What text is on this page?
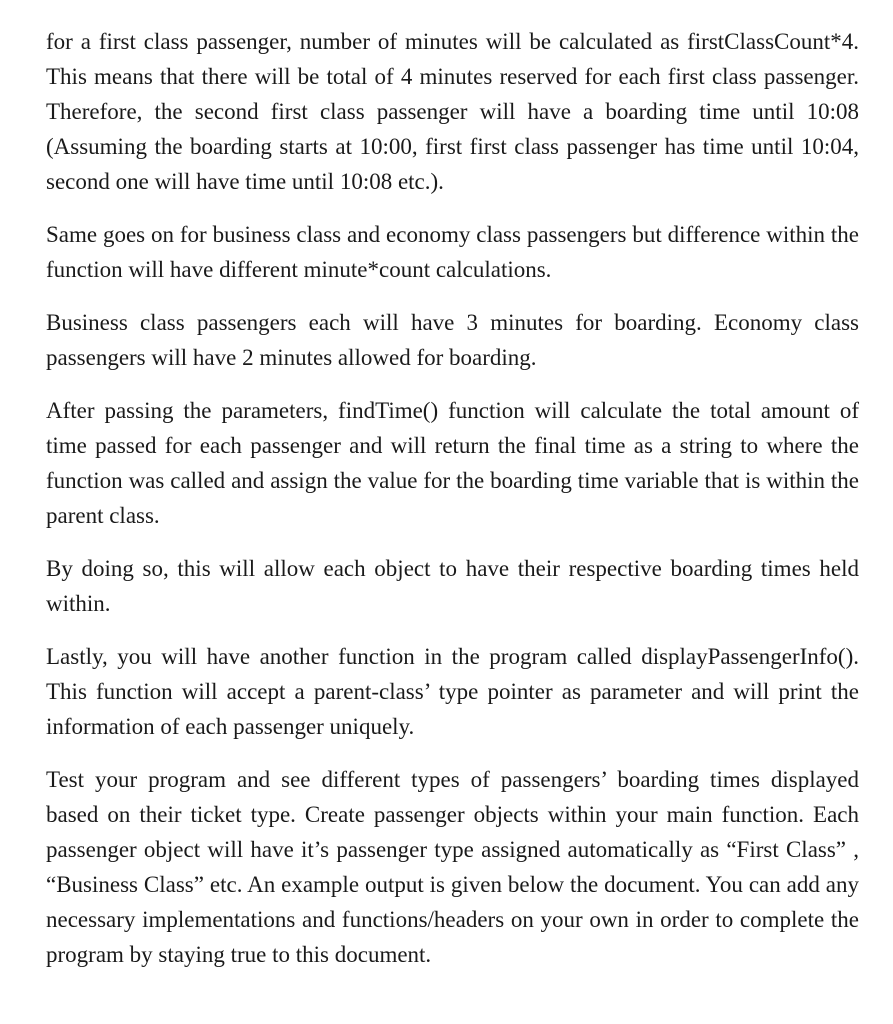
for a first class passenger, number of minutes will be calculated as firstClassCount*4. This means that there will be total of 4 minutes reserved for each first class passenger. Therefore, the second first class passenger will have a boarding time until 10:08 (Assuming the boarding starts at 10:00, first first class passenger has time until 10:04, second one will have time until 10:08 etc.).

Same goes on for business class and economy class passengers but difference within the function will have different minute*count calculations.

Business class passengers each will have 3 minutes for boarding. Economy class passengers will have 2 minutes allowed for boarding.

After passing the parameters, findTime() function will calculate the total amount of time passed for each passenger and will return the final time as a string to where the function was called and assign the value for the boarding time variable that is within the parent class.

By doing so, this will allow each object to have their respective boarding times held within.

Lastly, you will have another function in the program called displayPassengerInfo(). This function will accept a parent-class’ type pointer as parameter and will print the information of each passenger uniquely.

Test your program and see different types of passengers’ boarding times displayed based on their ticket type. Create passenger objects within your main function. Each passenger object will have it’s passenger type assigned automatically as “First Class” , “Business Class” etc. An example output is given below the document. You can add any necessary implementations and functions/headers on your own in order to complete the program by staying true to this document.
